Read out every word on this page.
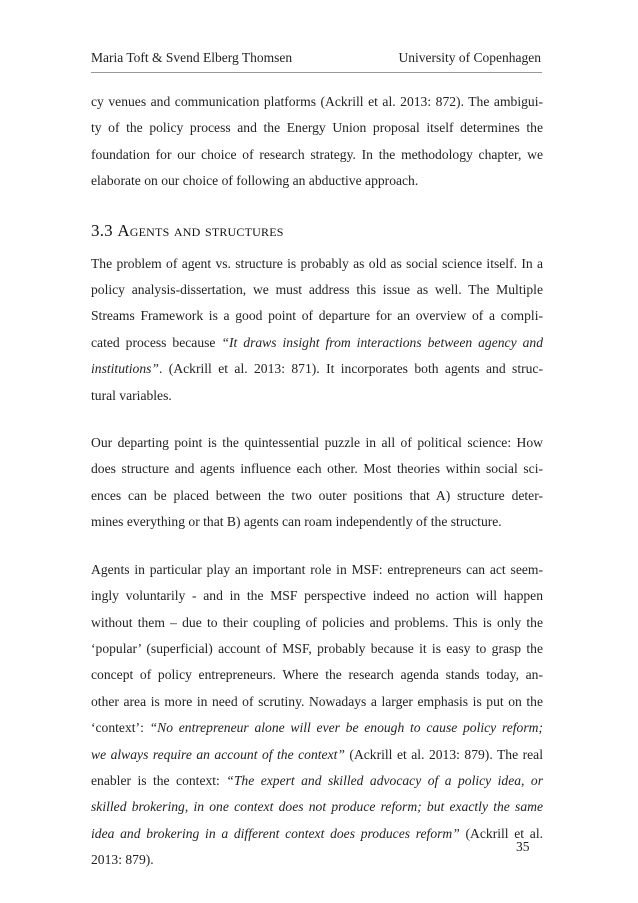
Maria Toft & Svend Elberg Thomsen	University of Copenhagen

cy venues and communication platforms (Ackrill et al. 2013: 872). The ambigui-
ty of the policy process and the Energy Union proposal itself determines the
foundation for our choice of research strategy. In the methodology chapter, we
elaborate on our choice of following an abductive approach.

3.3 Agents and structures

The problem of agent vs. structure is probably as old as social science itself. In a
policy analysis-dissertation, we must address this issue as well. The Multiple
Streams Framework is a good point of departure for an overview of a compli-
cated process because “It draws insight from interactions between agency and
institutions”. (Ackrill et al. 2013: 871). It incorporates both agents and struc-
tural variables.

Our departing point is the quintessential puzzle in all of political science: How
does structure and agents influence each other. Most theories within social sci-
ences can be placed between the two outer positions that A) structure deter-
mines everything or that B) agents can roam independently of the structure.

Agents in particular play an important role in MSF: entrepreneurs can act seem-
ingly voluntarily - and in the MSF perspective indeed no action will happen
without them – due to their coupling of policies and problems. This is only the
‘popular’ (superficial) account of MSF, probably because it is easy to grasp the
concept of policy entrepreneurs. Where the research agenda stands today, an-
other area is more in need of scrutiny. Nowadays a larger emphasis is put on the
‘context’: “No entrepreneur alone will ever be enough to cause policy reform;
we always require an account of the context” (Ackrill et al. 2013: 879). The real
enabler is the context: “The expert and skilled advocacy of a policy idea, or
skilled brokering, in one context does not produce reform; but exactly the same
idea and brokering in a different context does produces reform” (Ackrill et al.
2013: 879).

35
